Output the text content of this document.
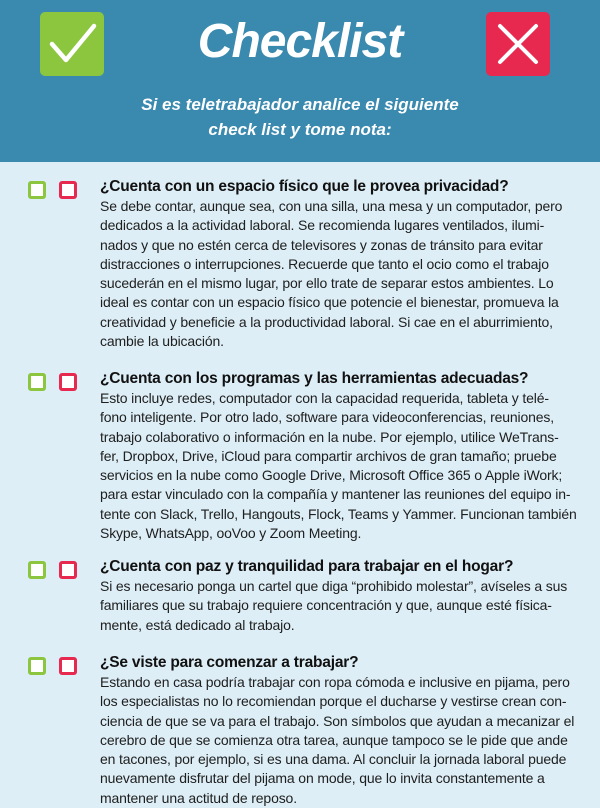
Checklist
Si es teletrabajador analice el siguiente
check list y tome nota:
¿Cuenta con un espacio físico que le provea privacidad?
Se debe contar, aunque sea, con una silla, una mesa y un computador, pero
dedicados a la actividad laboral. Se recomienda lugares ventilados, ilumi-
nados y que no estén cerca de televisores y zonas de tránsito para evitar
distracciones o interrupciones. Recuerde que tanto el ocio como el trabajo
sucederán en el mismo lugar, por ello trate de separar estos ambientes. Lo
ideal es contar con un espacio físico que potencie el bienestar, promueva la
creatividad y beneficie a la productividad laboral. Si cae en el aburrimiento,
cambie la ubicación.
¿Cuenta con los programas y las herramientas adecuadas?
Esto incluye redes, computador con la capacidad requerida, tableta y telé-
fono inteligente. Por otro lado, software para videoconferencias, reuniones,
trabajo colaborativo o información en la nube. Por ejemplo, utilice WeTrans-
fer, Dropbox, Drive, iCloud para compartir archivos de gran tamaño; pruebe
servicios en la nube como Google Drive, Microsoft Office 365 o Apple iWork;
para estar vinculado con la compañía y mantener las reuniones del equipo in-
tente con Slack, Trello, Hangouts, Flock, Teams y Yammer. Funcionan también
Skype, WhatsApp, ooVoo y Zoom Meeting.
¿Cuenta con paz y tranquilidad para trabajar en el hogar?
Si es necesario ponga un cartel que diga “prohibido molestar”, avíseles a sus
familiares que su trabajo requiere concentración y que, aunque esté física-
mente, está dedicado al trabajo.
¿Se viste para comenzar a trabajar?
Estando en casa podría trabajar con ropa cómoda e inclusive en pijama, pero
los especialistas no lo recomiendan porque el ducharse y vestirse crean con-
ciencia de que se va para el trabajo. Son símbolos que ayudan a mecanizar el
cerebro de que se comienza otra tarea, aunque tampoco se le pide que ande
en tacones, por ejemplo, si es una dama. Al concluir la jornada laboral puede
nuevamente disfrutar del pijama on mode, que lo invita constantemente a
mantener una actitud de reposo.
